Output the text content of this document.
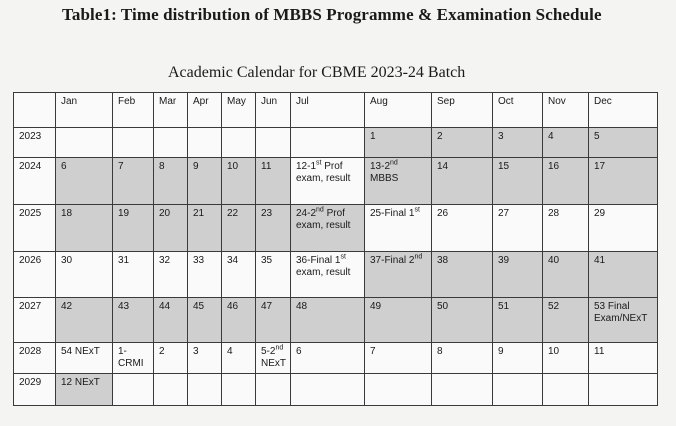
Table1: Time distribution of MBBS Programme & Examination Schedule
Academic Calendar for CBME 2023-24 Batch
	Jan	Feb	Mar	Apr	May	Jun	Jul	Aug	Sep	Oct	Nov	Dec
2023								1	2	3	4	5
2024	6	7	8	9	10	11	12-1st Prof exam, result	13-2nd MBBS	14	15	16	17
2025	18	19	20	21	22	23	24-2nd Prof exam, result	25-Final 1st	26	27	28	29
2026	30	31	32	33	34	35	36-Final 1st exam, result	37-Final 2nd	38	39	40	41
2027	42	43	44	45	46	47	48	49	50	51	52	53 Final Exam/NExT
2028	54 NExT	1-CRMI	2	3	4	5-2nd NExT	6	7	8	9	10	11
2029	12 NExT											
